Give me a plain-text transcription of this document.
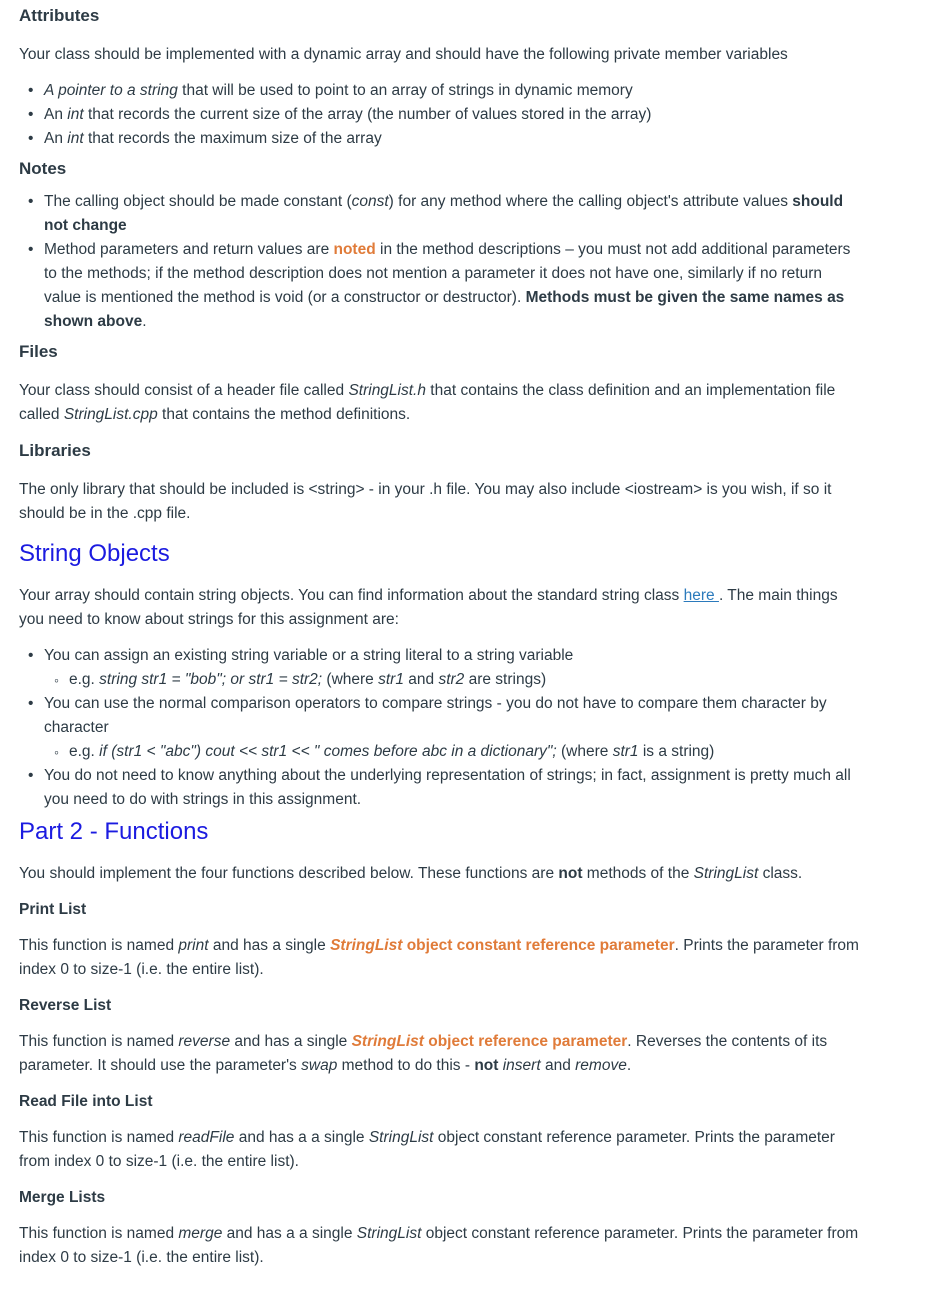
Attributes

Your class should be implemented with a dynamic array and should have the following private member variables

• A pointer to a string that will be used to point to an array of strings in dynamic memory
• An int that records the current size of the array (the number of values stored in the array)
• An int that records the maximum size of the array
Notes
• The calling object should be made constant (const) for any method where the calling object's attribute values should not change
• Method parameters and return values are noted in the method descriptions – you must not add additional parameters to the methods; if the method description does not mention a parameter it does not have one, similarly if no return value is mentioned the method is void (or a constructor or destructor). Methods must be given the same names as shown above.
Files

Your class should consist of a header file called StringList.h that contains the class definition and an implementation file called StringList.cpp that contains the method definitions.

Libraries

The only library that should be included is <string> - in your .h file. You may also include <iostream> is you wish, if so it should be in the .cpp file.

String Objects

Your array should contain string objects. You can find information about the standard string class here . The main things you need to know about strings for this assignment are:

• You can assign an existing string variable or a string literal to a string variable
◦ e.g. string str1 = "bob"; or str1 = str2; (where str1 and str2 are strings)
• You can use the normal comparison operators to compare strings - you do not have to compare them character by character
◦ e.g. if (str1 < "abc") cout << str1 << " comes before abc in a dictionary"; (where str1 is a string)
• You do not need to know anything about the underlying representation of strings; in fact, assignment is pretty much all you need to do with strings in this assignment.
Part 2 - Functions

You should implement the four functions described below. These functions are not methods of the StringList class.

Print List

This function is named print and has a single StringList object constant reference parameter. Prints the parameter from index 0 to size-1 (i.e. the entire list).

Reverse List

This function is named reverse and has a single StringList object reference parameter. Reverses the contents of its parameter. It should use the parameter's swap method to do this - not insert and remove.

Read File into List

This function is named readFile and has a a single StringList object constant reference parameter. Prints the parameter from index 0 to size-1 (i.e. the entire list).

Merge Lists

This function is named merge and has a a single StringList object constant reference parameter. Prints the parameter from index 0 to size-1 (i.e. the entire list).
